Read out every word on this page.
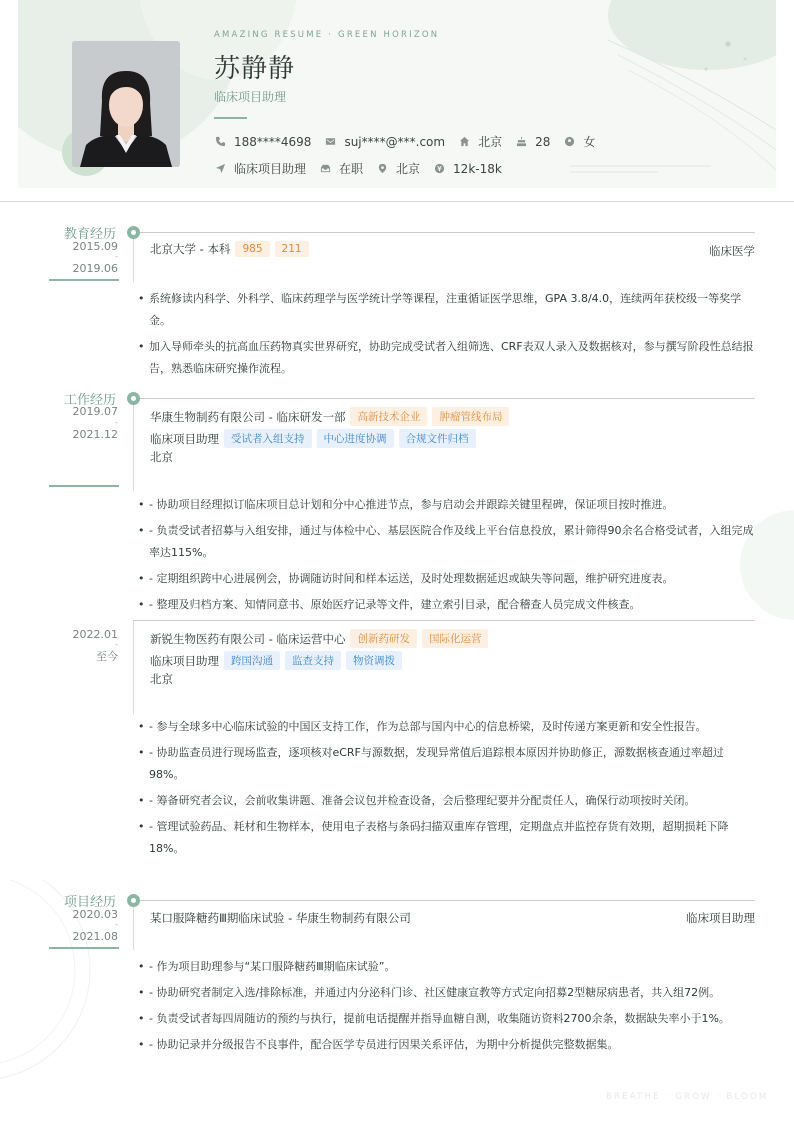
AMAZING RESUME · GREEN HORIZON
苏静静
临床项目助理
188****4698	suj****@***.com	北京	28	女
临床项目助理	在职	北京	12k-18k
教育经历
2015.09
-
2019.06
北京大学 - 本科	985	211	临床医学
• 系统修读内科学、外科学、临床药理学与医学统计学等课程，注重循证医学思维，GPA 3.8/4.0，连续两年获校级一等奖学金。
• 加入导师牵头的抗高血压药物真实世界研究，协助完成受试者入组筛选、CRF表双人录入及数据核对，参与撰写阶段性总结报告，熟悉临床研究操作流程。
工作经历
2019.07
-
2021.12
华康生物制药有限公司 - 临床研发一部	高新技术企业	肿瘤管线布局
临床项目助理	受试者入组支持	中心进度协调	合规文件归档
北京
• - 协助项目经理拟订临床项目总计划和分中心推进节点，参与启动会并跟踪关键里程碑，保证项目按时推进。
• - 负责受试者招募与入组安排，通过与体检中心、基层医院合作及线上平台信息投放，累计筛得90余名合格受试者，入组完成率达115%。
• - 定期组织跨中心进展例会，协调随访时间和样本运送，及时处理数据延迟或缺失等问题，维护研究进度表。
• - 整理及归档方案、知情同意书、原始医疗记录等文件，建立索引目录，配合稽查人员完成文件核查。
2022.01
-
至今
新锐生物医药有限公司 - 临床运营中心	创新药研发	国际化运营
临床项目助理	跨国沟通	监查支持	物资调拨
北京
• - 参与全球多中心临床试验的中国区支持工作，作为总部与国内中心的信息桥梁，及时传递方案更新和安全性报告。
• - 协助监查员进行现场监查，逐项核对eCRF与源数据，发现异常值后追踪根本原因并协助修正，源数据核查通过率超过98%。
• - 筹备研究者会议，会前收集讲题、准备会议包并检查设备，会后整理纪要并分配责任人，确保行动项按时关闭。
• - 管理试验药品、耗材和生物样本，使用电子表格与条码扫描双重库存管理，定期盘点并监控存货有效期，超期损耗下降18%。
项目经历
2020.03
-
2021.08
某口服降糖药Ⅲ期临床试验 - 华康生物制药有限公司	临床项目助理
• - 作为项目助理参与“某口服降糖药Ⅲ期临床试验”。
• - 协助研究者制定入选/排除标准，并通过内分泌科门诊、社区健康宣教等方式定向招募2型糖尿病患者，共入组72例。
• - 负责受试者每四周随访的预约与执行，提前电话提醒并指导血糖自测，收集随访资料2700余条，数据缺失率小于1%。
• - 协助记录并分级报告不良事件，配合医学专员进行因果关系评估，为期中分析提供完整数据集。
BREATHE · GROW · BLOOM
